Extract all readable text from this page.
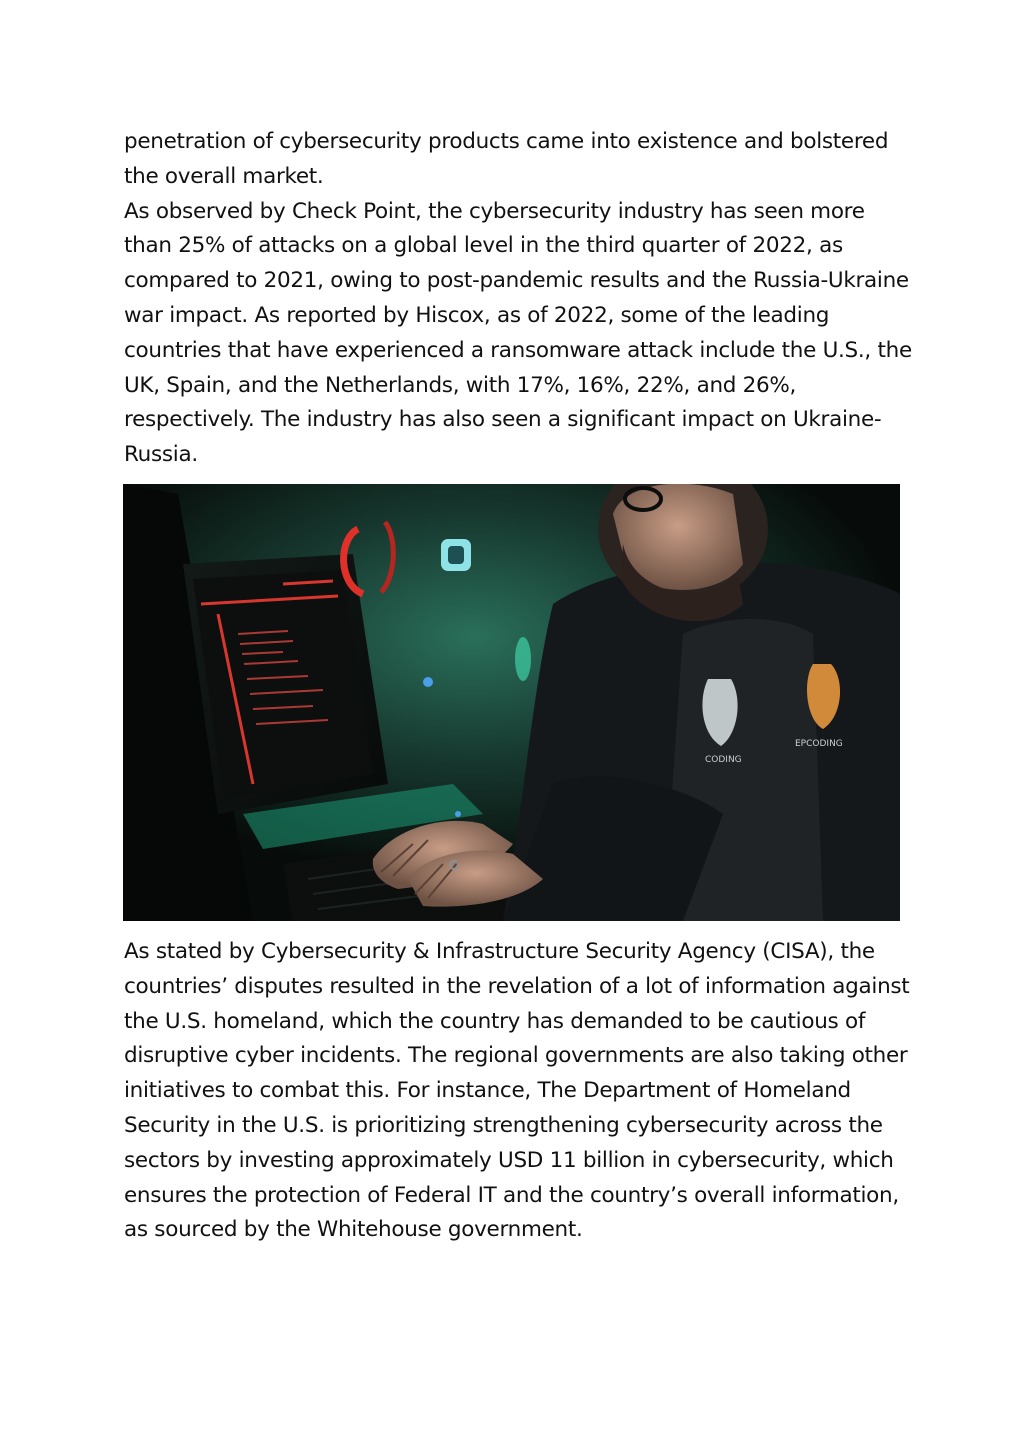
penetration of cybersecurity products came into existence and bolstered the overall market.

As observed by Check Point, the cybersecurity industry has seen more than 25% of attacks on a global level in the third quarter of 2022, as compared to 2021, owing to post-pandemic results and the Russia-Ukraine war impact. As reported by Hiscox, as of 2022, some of the leading countries that have experienced a ransomware attack include the U.S., the UK, Spain, and the Netherlands, with 17%, 16%, 22%, and 26%, respectively. The industry has also seen a significant impact on Ukraine-Russia.

CODING
EPCODING

As stated by Cybersecurity & Infrastructure Security Agency (CISA), the countries’ disputes resulted in the revelation of a lot of information against the U.S. homeland, which the country has demanded to be cautious of disruptive cyber incidents. The regional governments are also taking other initiatives to combat this. For instance, The Department of Homeland Security in the U.S. is prioritizing strengthening cybersecurity across the sectors by investing approximately USD 11 billion in cybersecurity, which ensures the protection of Federal IT and the country’s overall information, as sourced by the Whitehouse government.
